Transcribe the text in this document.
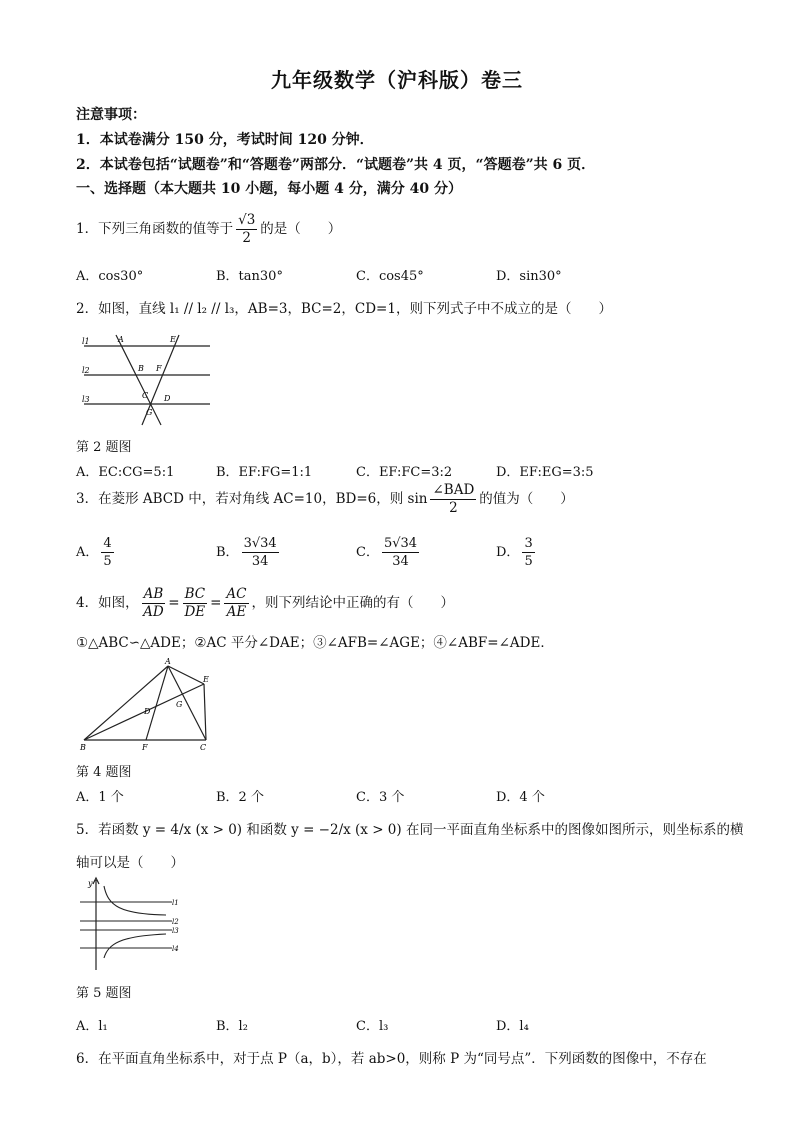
九年级数学（沪科版）卷三
注意事项：
1．本试卷满分 150 分，考试时间 120 分钟．
2．本试卷包括“试题卷”和“答题卷”两部分．“试题卷”共 4 页，“答题卷”共 6 页．
一、选择题（本大题共 10 小题，每小题 4 分，满分 40 分）
1．下列三角函数的值等于 $\frac{√3}{2}$ 的是（　　）
A．cos30°	B．tan30°	C．cos45°	D．sin30°
2．如图，直线 l₁ // l₂ // l₃，AB=3，BC=2，CD=1，则下列式子中不成立的是（　　）
l1
l2
l3
A	E
B F
C D
G
第 2 题图
A．EC:CG=5:1	B．EF:FG=1:1	C．EF:FC=3:2	D．EF:EG=3:5
3．在菱形 ABCD 中，若对角线 AC=10，BD=6，则 $\sin \frac{\text{∠BAD}}{2}$ 的值为（　　）
A． $\frac{4}{5}$	B． $\frac{3√34}{34}$	C． $\frac{5√34}{34}$	D． $\frac{3}{5}$
4．如图， $\frac{AB}{AD} = \frac{BC}{DE} = \frac{AC}{AE}$ ，则下列结论中正确的有（　　）
①△ABC∽△ADE；②AC 平分∠DAE；③∠AFB=∠AGE；④∠ABF=∠ADE．
A
E
G
D
B	F	C
第 4 题图
A．1 个	B．2 个	C．3 个	D．4 个
5．若函数 y = 4/x (x > 0) 和函数 y = −2/x (x > 0) 在同一平面直角坐标系中的图像如图所示，则坐标系的横
轴可以是（　　）
y
l1
l2
l3
l4
第 5 题图
A．l₁	B．l₂	C．l₃	D．l₄
6．在平面直角坐标系中，对于点 P（a，b），若 ab>0，则称 P 为“同号点”．下列函数的图像中，不存在
